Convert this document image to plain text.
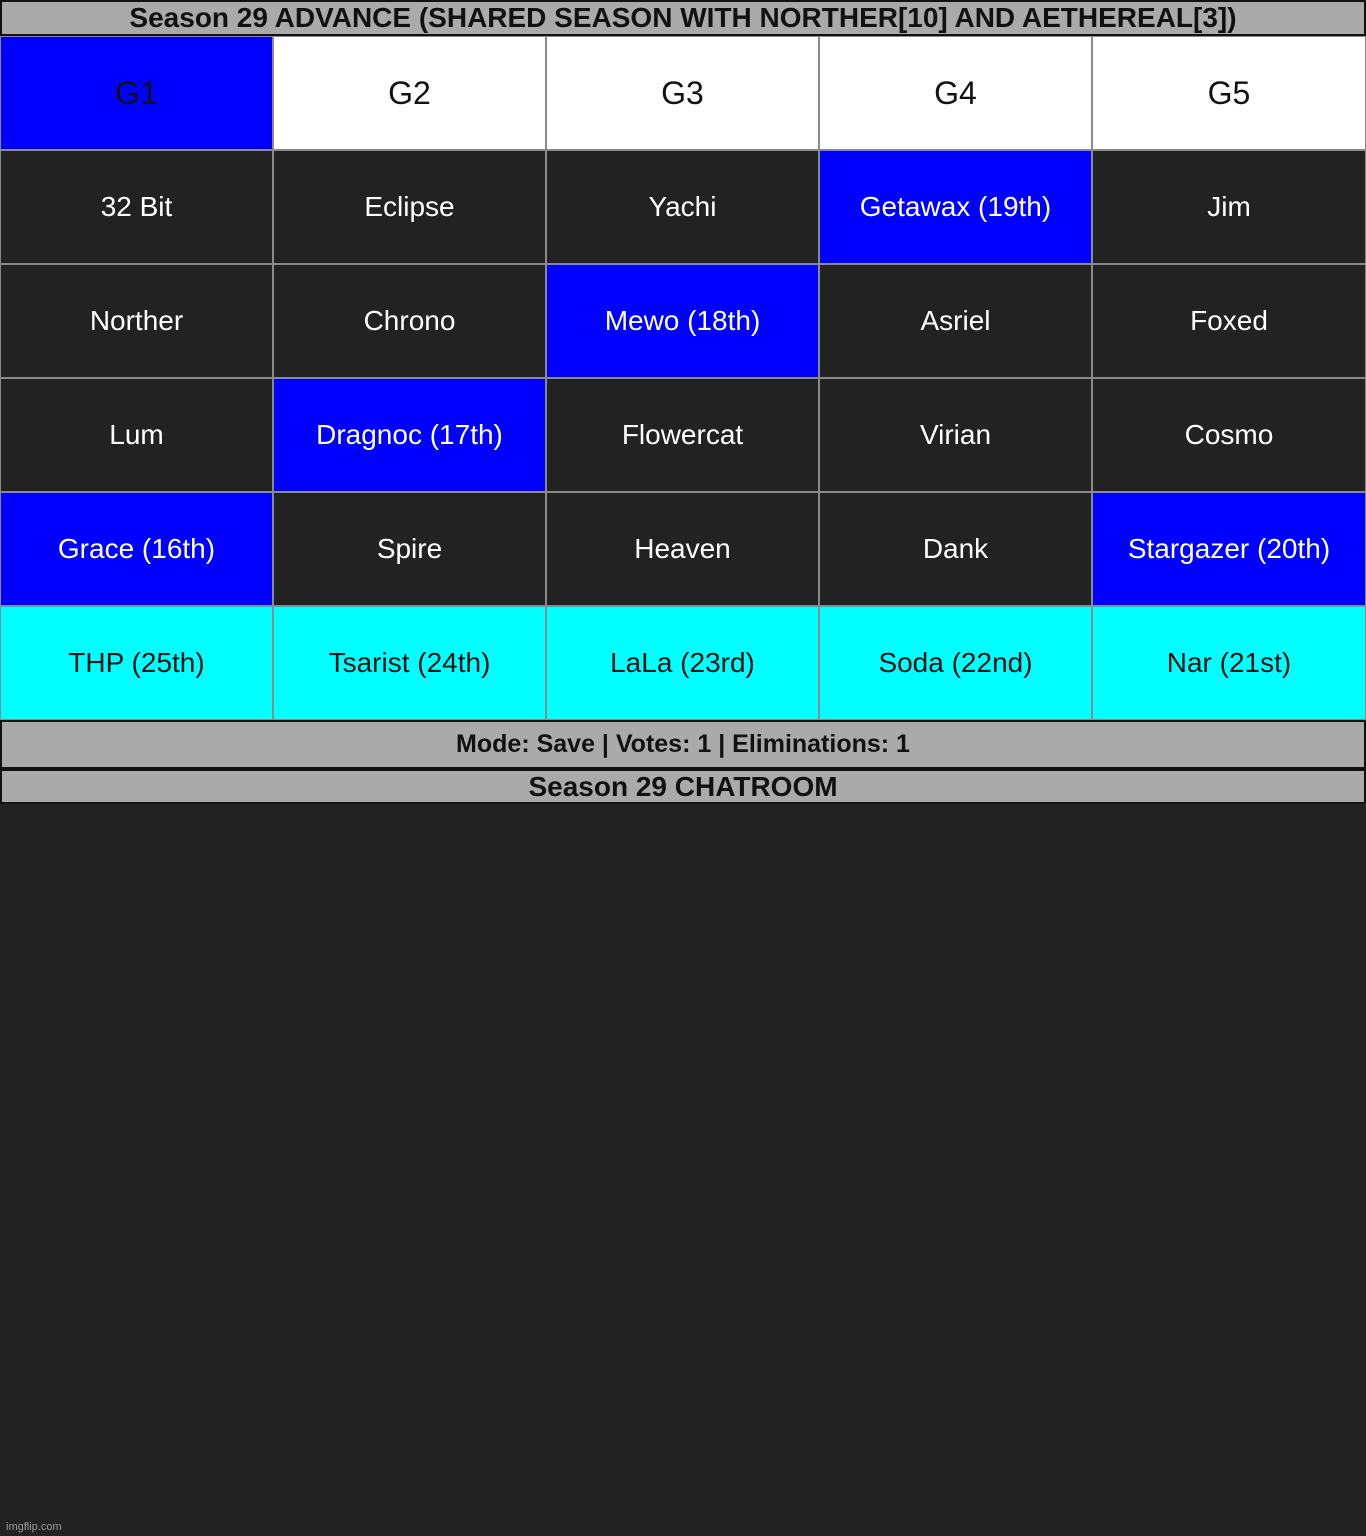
Season 29 ADVANCE (SHARED SEASON WITH NORTHER[10] AND AETHEREAL[3])
G1	G2	G3	G4	G5
32 Bit	Eclipse	Yachi	Getawax (19th)	Jim
Norther	Chrono	Mewo (18th)	Asriel	Foxed
Lum	Dragnoc (17th)	Flowercat	Virian	Cosmo
Grace (16th)	Spire	Heaven	Dank	Stargazer (20th)
THP (25th)	Tsarist (24th)	LaLa (23rd)	Soda (22nd)	Nar (21st)
Mode: Save | Votes: 1 | Eliminations: 1
Season 29 CHATROOM
imgflip.com
